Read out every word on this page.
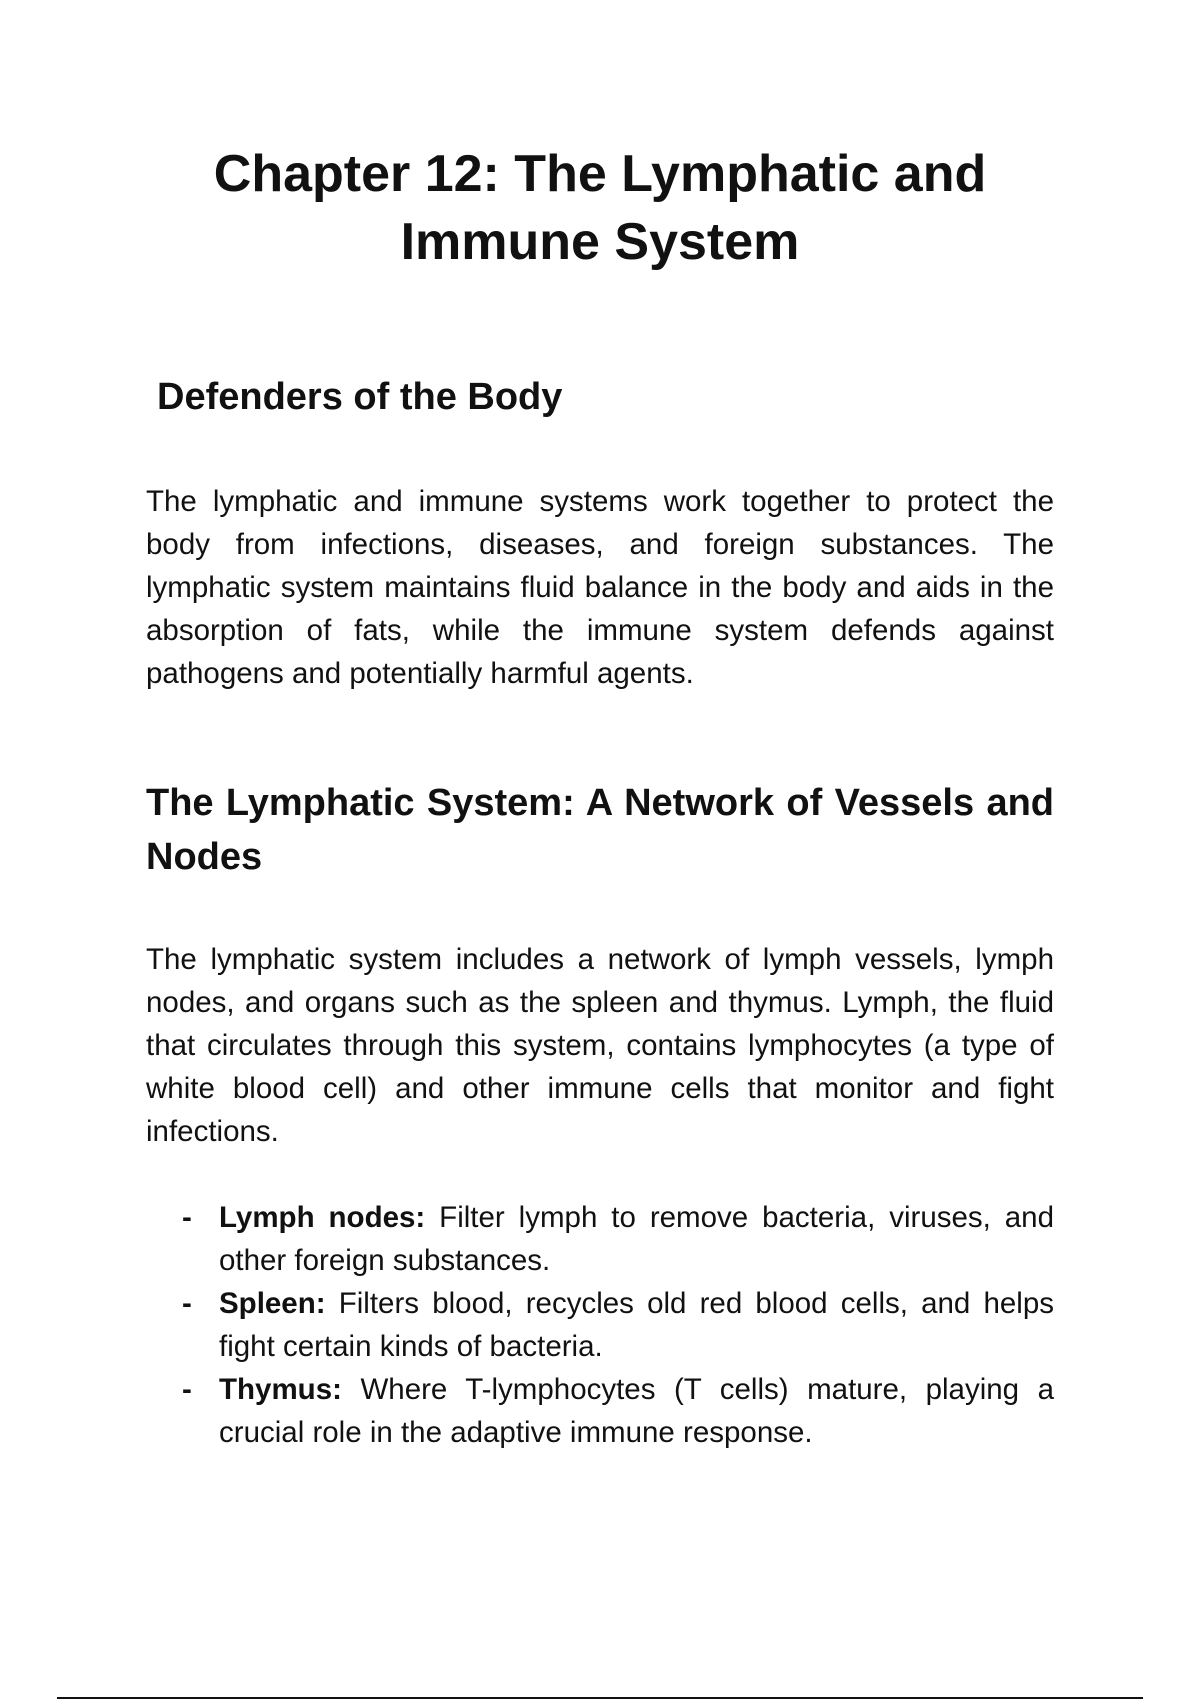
Chapter 12: The Lymphatic and Immune System
Defenders of the Body

The lymphatic and immune systems work together to protect the body from infections, diseases, and foreign substances. The lymphatic system maintains fluid balance in the body and aids in the absorption of fats, while the immune system defends against pathogens and potentially harmful agents.

The Lymphatic System: A Network of Vessels and Nodes

The lymphatic system includes a network of lymph vessels, lymph nodes, and organs such as the spleen and thymus. Lymph, the fluid that circulates through this system, contains lymphocytes (a type of white blood cell) and other immune cells that monitor and fight infections.

- Lymph nodes: Filter lymph to remove bacteria, viruses, and other foreign substances.
- Spleen: Filters blood, recycles old red blood cells, and helps fight certain kinds of bacteria.
- Thymus: Where T-lymphocytes (T cells) mature, playing a crucial role in the adaptive immune response.
